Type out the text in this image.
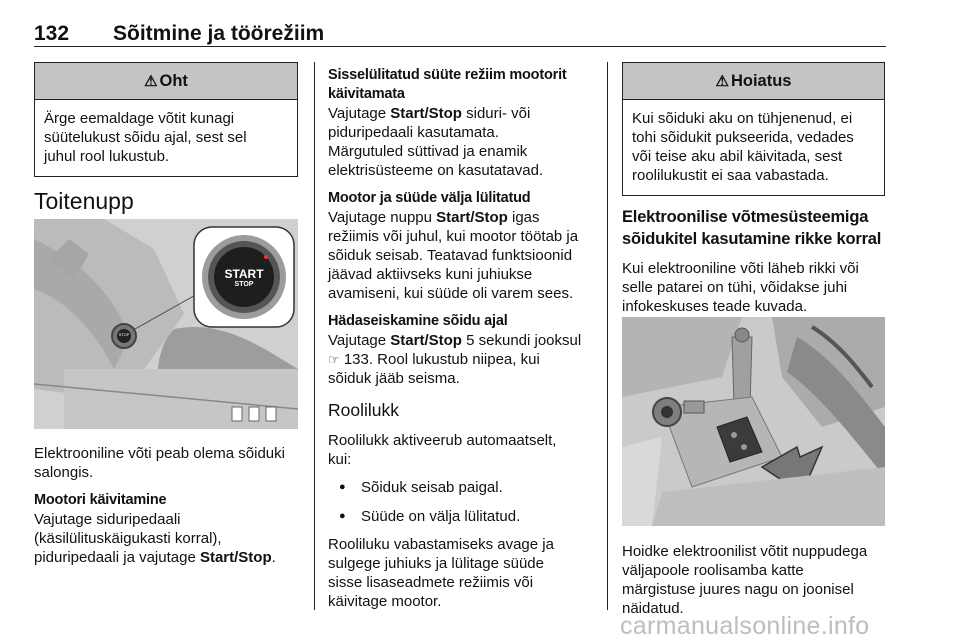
132 Sõitmine ja töörežiim
⚠ Oht
Ärge eemaldage võtit kunagi
süütelukust sõidu ajal, sest sel
juhul rool lukustub.
Toitenupp
START
STOP
STOP

Elektrooniline võti peab olema sõiduki
salongis.

Mootori käivitamine

Vajutage siduripedaali
(käsilülituskäigukasti korral),
piduripedaali ja vajutage Start/Stop.

Sisselülitatud süüte režiim mootorit
käivitamata

Vajutage Start/Stop siduri- või
piduripedaali kasutamata.
Märgutuled süttivad ja enamik
elektrisüsteeme on kasutatavad.

Mootor ja süüde välja lülitatud

Vajutage nuppu Start/Stop igas
režiimis või juhul, kui mootor töötab ja
sõiduk seisab. Teatavad funktsioonid
jäävad aktiivseks kuni juhiukse
avamiseni, kui süüde oli varem sees.

Hädaseiskamine sõidu ajal

Vajutage Start/Stop 5 sekundi jooksul
☞ 133. Rool lukustub niipea, kui
sõiduk jääb seisma.

Roolilukk

Roolilukk aktiveerub automaatselt,
kui:

● Sõiduk seisab paigal.
● Süüde on välja lülitatud.

Rooliluku vabastamiseks avage ja
sulgege juhiuks ja lülitage süüde
sisse lisaseadmete režiimis või
käivitage mootor.

⚠ Hoiatus
Kui sõiduki aku on tühjenenud, ei
tohi sõidukit pukseerida, vedades
või teise aku abil käivitada, sest
roolilukustit ei saa vabastada.
Elektroonilise võtmesüsteemiga
sõidukitel kasutamine rikke korral

Kui elektrooniline võti läheb rikki või
selle patarei on tühi, võidakse juhi
infokeskuses teade kuvada.

Hoidke elektroonilist võtit nuppudega
väljapoole roolisamba katte
märgistuse juures nagu on joonisel
näidatud.

carmanualsonline.info
